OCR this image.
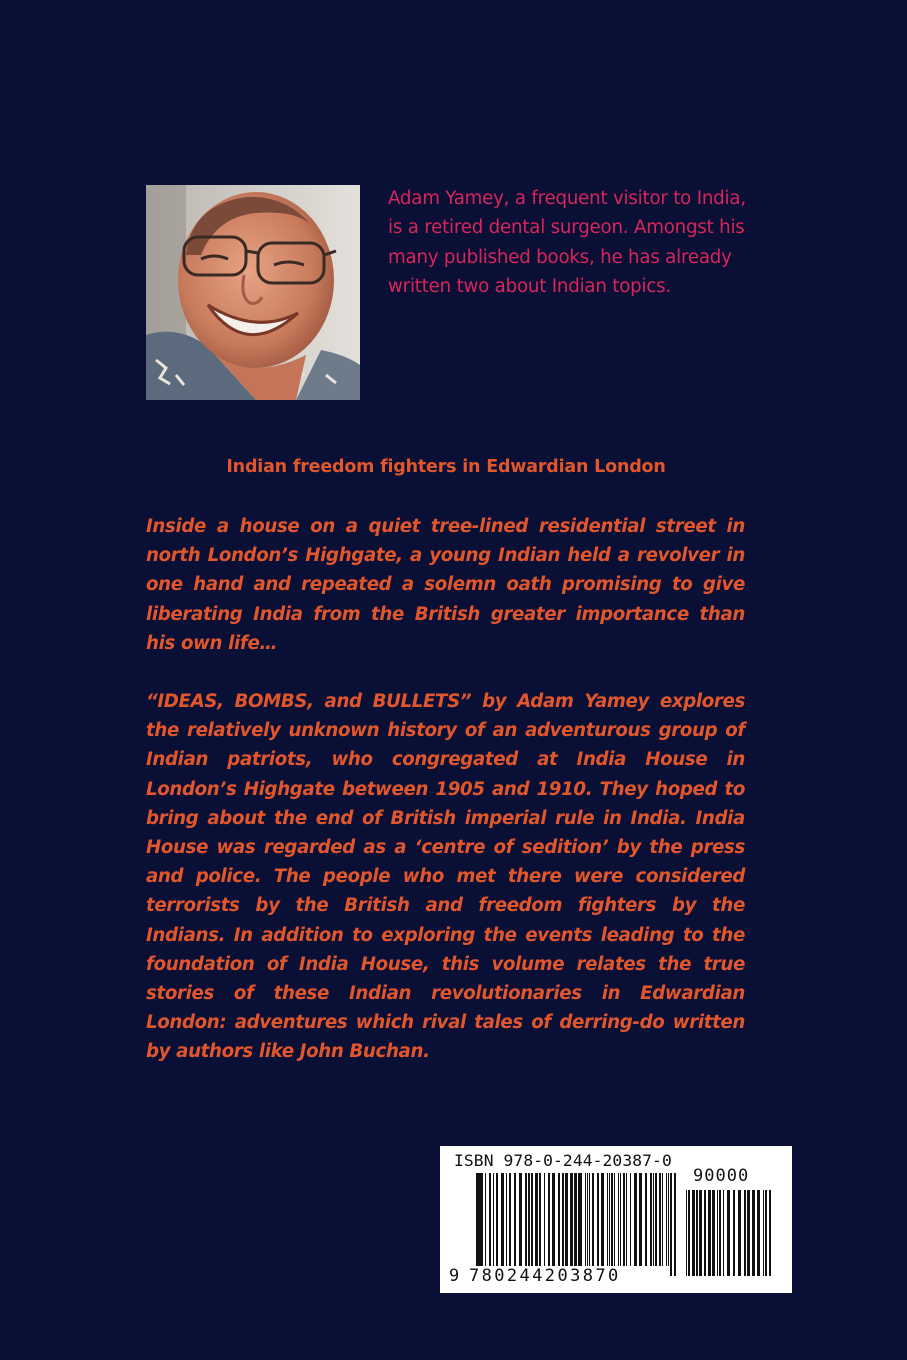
Adam Yamey, a frequent visitor to India, is a retired dental surgeon. Amongst his many published books, he has already written two about Indian topics.

Indian freedom fighters in Edwardian London

Inside a house on a quiet tree-lined residential street in north London’s Highgate, a young Indian held a revolver in one hand and repeated a solemn oath promising to give liberating India from the British greater importance than his own life…

“IDEAS, BOMBS, and BULLETS” by Adam Yamey explores the relatively unknown history of an adventurous group of Indian patriots, who congregated at India House in London’s Highgate between 1905 and 1910. They hoped to bring about the end of British imperial rule in India. India House was regarded as a ‘centre of sedition’ by the press and police. The people who met there were considered terrorists by the British and freedom fighters by the Indians. In addition to exploring the events leading to the foundation of India House, this volume relates the true stories of these Indian revolutionaries in Edwardian London: adventures which rival tales of derring-do written by authors like John Buchan.

ISBN 978-0-244-20387-0

90000

9 780244203870
